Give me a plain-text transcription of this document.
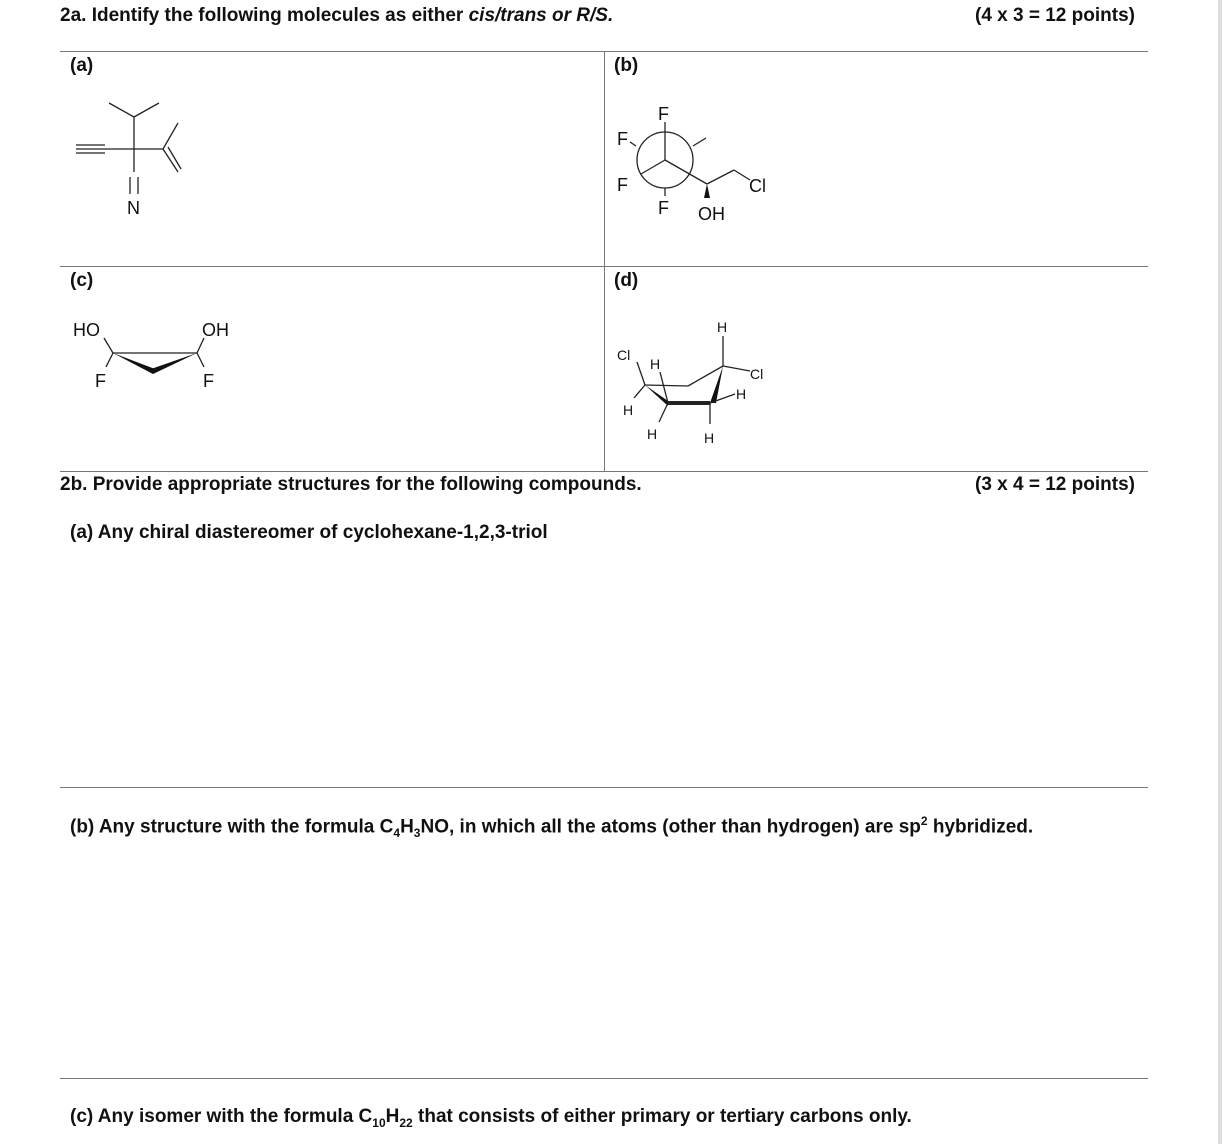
2a. Identify the following molecules as either cis/trans or R/S.	(4 x 3 = 12 points)
(a)	(b)
(c)	(d)
N
F
F
F
F OH
Cl
HO	OH
F	F
Cl
Cl
H
H
H
H
H	H
2b. Provide appropriate structures for the following compounds.	(3 x 4 = 12 points)
(a) Any chiral diastereomer of cyclohexane-1,2,3-triol
(b) Any structure with the formula $C_4H_3NO$, in which all the atoms (other than hydrogen) are $sp^2$ hybridized.
(c) Any isomer with the formula $C_{10}H_{22}$ that consists of either primary or tertiary carbons only.
